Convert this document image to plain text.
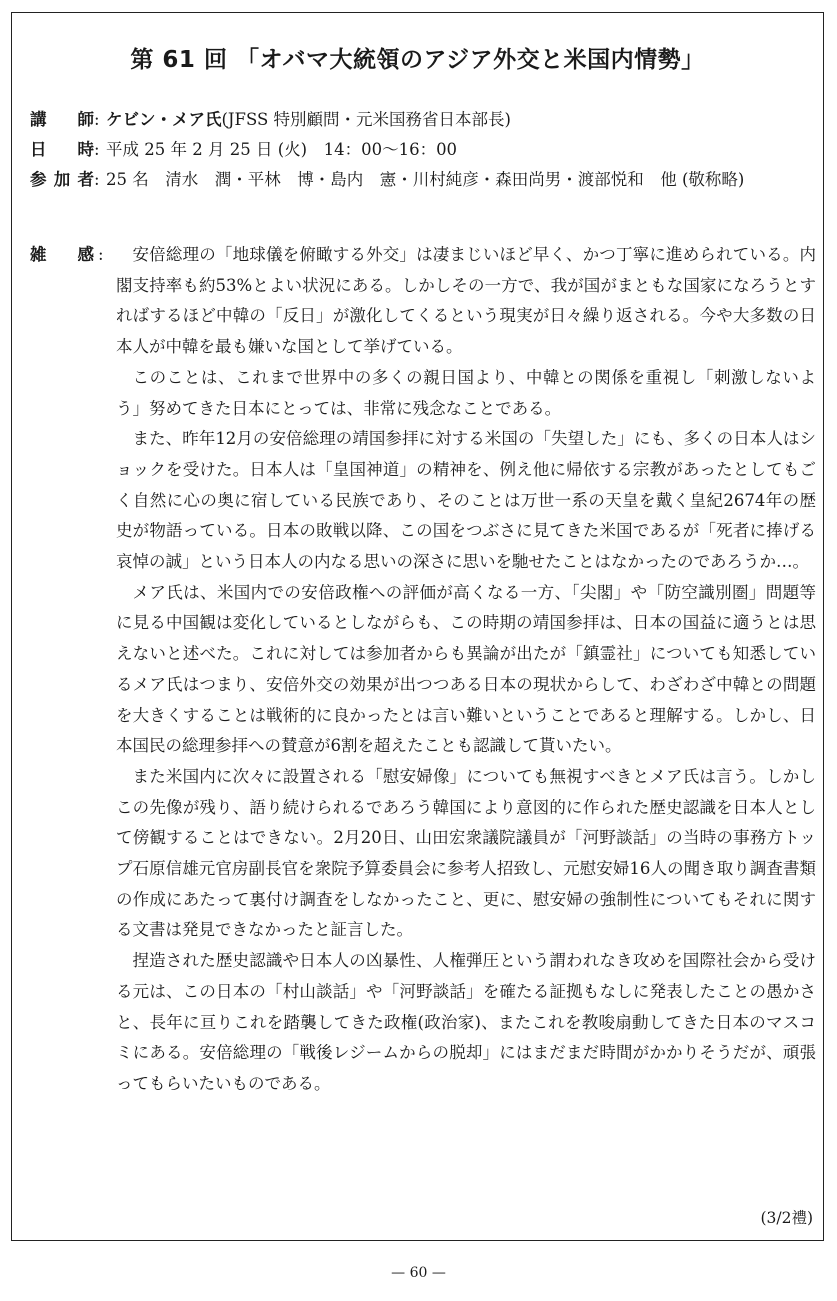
第 61 回 「オバマ大統領のアジア外交と米国内情勢」
講師 : ケビン・メア氏(JFSS 特別顧問・元米国務省日本部長)
日時 : 平成 25 年 2 月 25 日 (火)　14：00〜16：00
参加者 : 25 名　清水　潤・平林　博・島内　憲・川村純彦・森田尚男・渡部悦和　他 (敬称略)
雑感 :	安倍総理の「地球儀を俯瞰する外交」は凄まじいほど早く、かつ丁寧に進められている。内閣支持率も約53%とよい状況にある。しかしその一方で、我が国がまともな国家になろうとすればするほど中韓の「反日」が激化してくるという現実が日々繰り返される。今や大多数の日本人が中韓を最も嫌いな国として挙げている。

このことは、これまで世界中の多くの親日国より、中韓との関係を重視し「刺激しないよう」努めてきた日本にとっては、非常に残念なことである。

また、昨年12月の安倍総理の靖国参拝に対する米国の「失望した」にも、多くの日本人はショックを受けた。日本人は「皇国神道」の精神を、例え他に帰依する宗教があったとしてもごく自然に心の奥に宿している民族であり、そのことは万世一系の天皇を戴く皇紀2674年の歴史が物語っている。日本の敗戦以降、この国をつぶさに見てきた米国であるが「死者に捧げる哀悼の誠」という日本人の内なる思いの深さに思いを馳せたことはなかったのであろうか…。

メア氏は、米国内での安倍政権への評価が高くなる一方、「尖閣」や「防空識別圏」問題等に見る中国観は変化しているとしながらも、この時期の靖国参拝は、日本の国益に適うとは思えないと述べた。これに対しては参加者からも異論が出たが「鎮霊社」についても知悉しているメア氏はつまり、安倍外交の効果が出つつある日本の現状からして、わざわざ中韓との問題を大きくすることは戦術的に良かったとは言い難いということであると理解する。しかし、日本国民の総理参拝への賛意が6割を超えたことも認識して貰いたい。

また米国内に次々に設置される「慰安婦像」についても無視すべきとメア氏は言う。しかしこの先像が残り、語り続けられるであろう韓国により意図的に作られた歴史認識を日本人として傍観することはできない。2月20日、山田宏衆議院議員が「河野談話」の当時の事務方トップ石原信雄元官房副長官を衆院予算委員会に参考人招致し、元慰安婦16人の聞き取り調査書類の作成にあたって裏付け調査をしなかったこと、更に、慰安婦の強制性についてもそれに関する文書は発見できなかったと証言した。

捏造された歴史認識や日本人の凶暴性、人権弾圧という謂われなき攻めを国際社会から受ける元は、この日本の「村山談話」や「河野談話」を確たる証拠もなしに発表したことの愚かさと、長年に亘りこれを踏襲してきた政権(政治家)、またこれを教唆扇動してきた日本のマスコミにある。安倍総理の「戦後レジームからの脱却」にはまだまだ時間がかかりそうだが、頑張ってもらいたいものである。

(3/2禮)
— 60 —
